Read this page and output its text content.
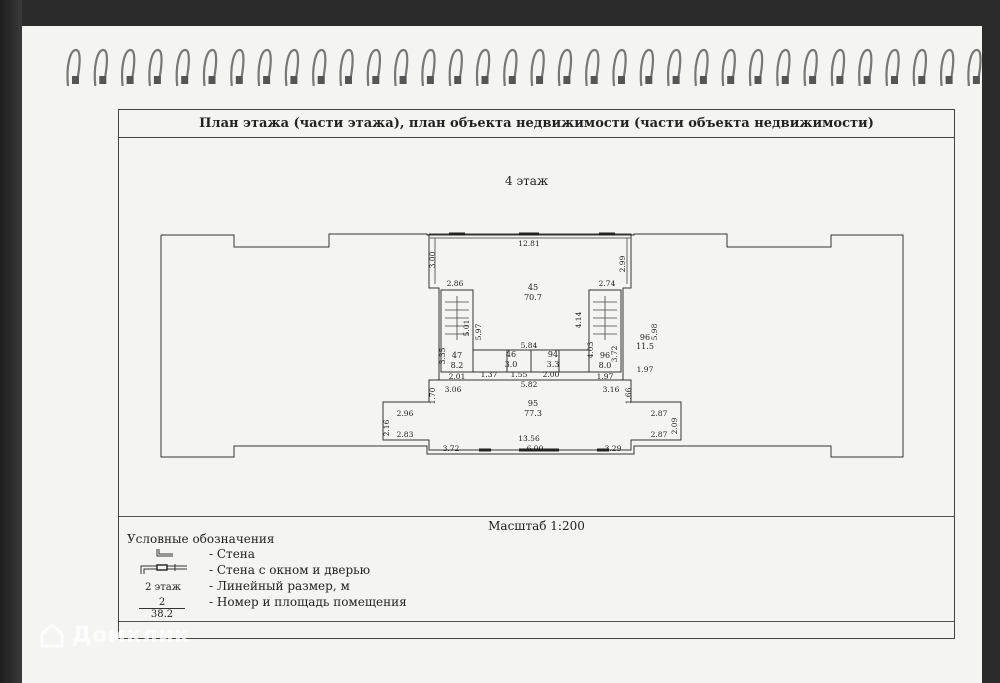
План этажа (части этажа), план объекта недвижимости (части объекта недвижимости)
4 этаж
12.81
3.00	2.99
2.86	2.74
5.97
4.14
5.98
5.01
4.03 3.72
3.35
5.84
1.37 1.55 2.00
5.82
3.06	3.16
1.70	1.66
2.96	2.87
2.16	2.09
2.83	2.87
13.56
3.72	6.00	3.29
2.01	1.97
1.97
45
70.7
47
8.2
46
3.0
94
3.3
96
8.0
96
11.5
95
77.3
Масштаб 1:200
Условные обозначения
- Стена
- Стена с окном и дверью
2 этаж	- Линейный размер, м
2
38.2
- Номер и площадь помещения
Домклик
